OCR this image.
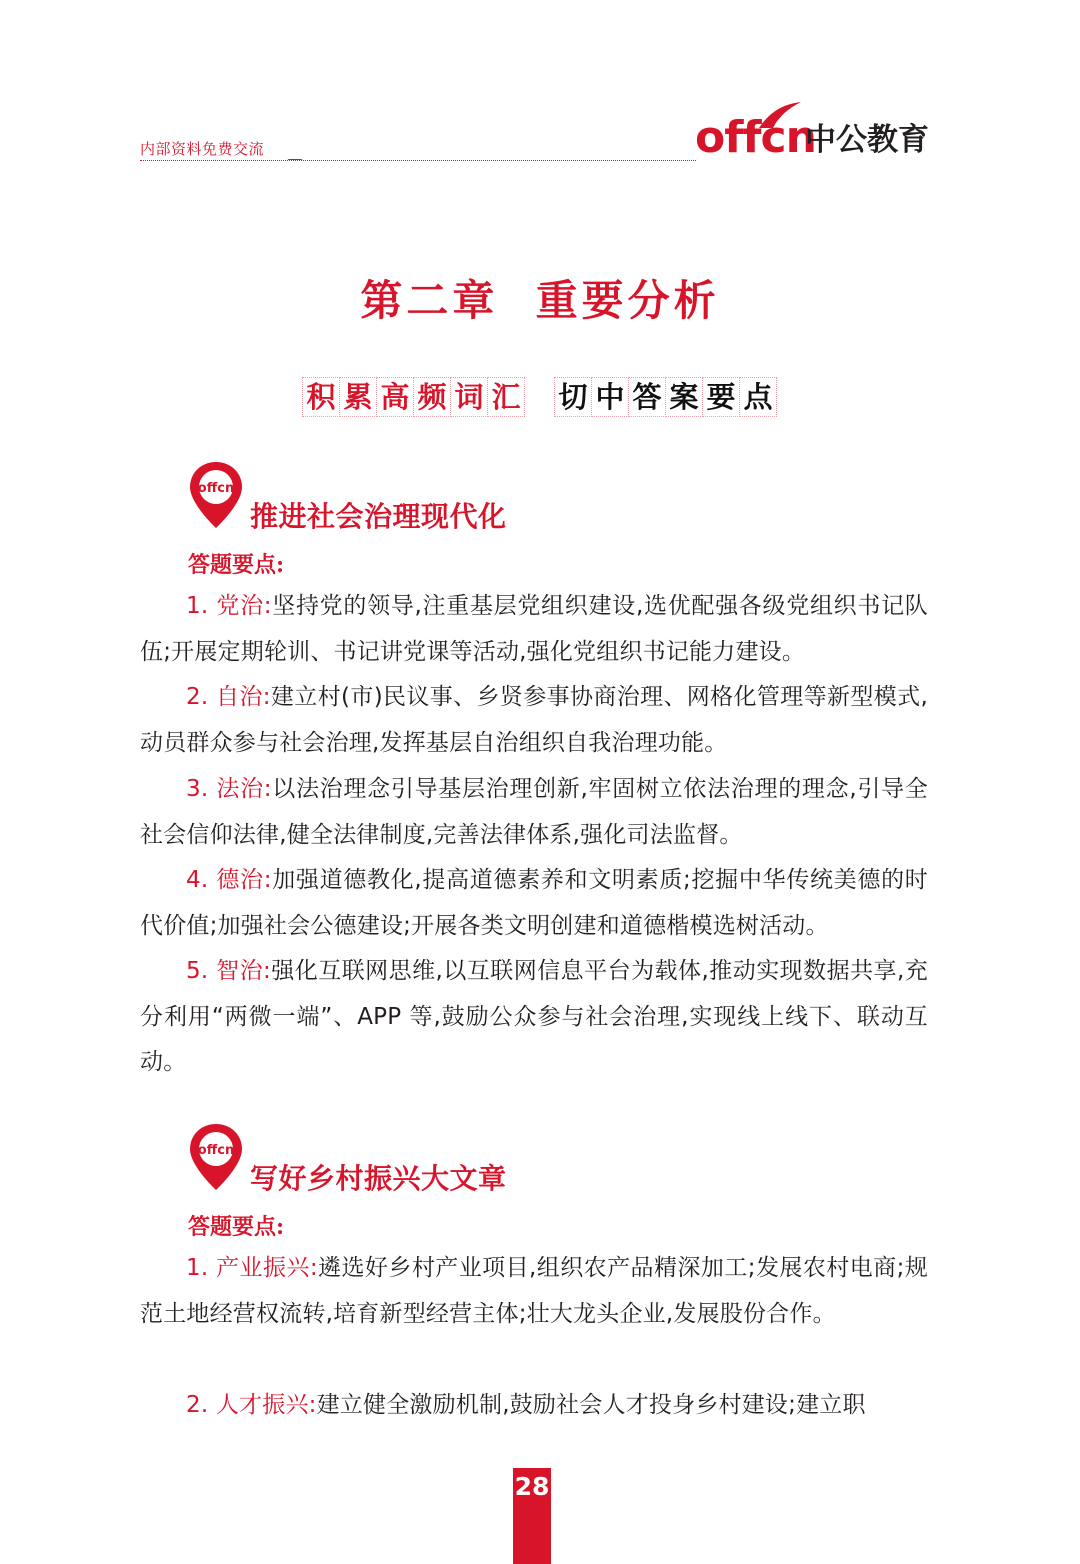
内部资料免费交流	offcn
中公教育
第二章  重要分析
积 累 高 频 词 汇 切 中 答 案 要 点
offcn
推进社会治理现代化
答题要点:

1. 党治:坚持党的领导,注重基层党组织建设,选优配强各级党组织书记队伍;开展定期轮训、书记讲党课等活动,强化党组织书记能力建设。

2. 自治:建立村(市)民议事、乡贤参事协商治理、网格化管理等新型模式,动员群众参与社会治理,发挥基层自治组织自我治理功能。

3. 法治:以法治理念引导基层治理创新,牢固树立依法治理的理念,引导全社会信仰法律,健全法律制度,完善法律体系,强化司法监督。

4. 德治:加强道德教化,提高道德素养和文明素质;挖掘中华传统美德的时代价值;加强社会公德建设;开展各类文明创建和道德楷模选树活动。

5. 智治:强化互联网思维,以互联网信息平台为载体,推动实现数据共享,充分利用“两微一端”、APP 等,鼓励公众参与社会治理,实现线上线下、联动互动。

offcn
写好乡村振兴大文章
答题要点:

1. 产业振兴:遴选好乡村产业项目,组织农产品精深加工;发展农村电商;规范土地经营权流转,培育新型经营主体;壮大龙头企业,发展股份合作。

2. 人才振兴:建立健全激励机制,鼓励社会人才投身乡村建设;建立职

28
